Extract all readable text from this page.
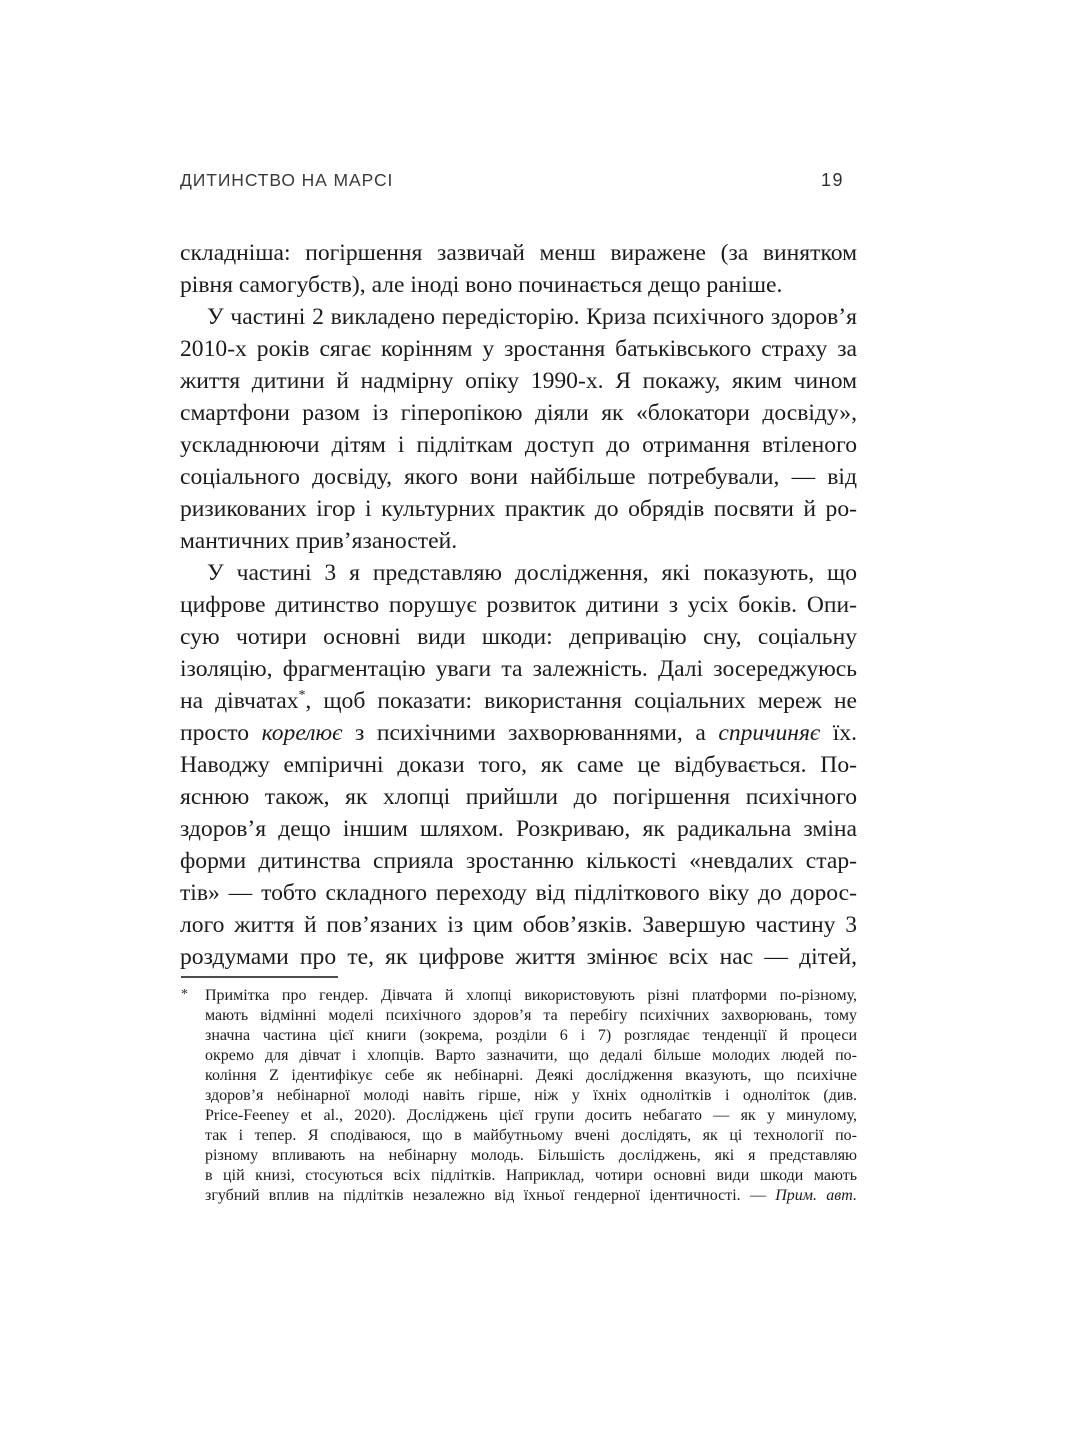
ДИТИНСТВО НА МАРСІ	19
складніша: погіршення зазвичай менш виражене (за винятком
рівня самогубств), але іноді воно починається дещо раніше.
У частині 2 викладено передісторію. Криза психічного здоров’я
2010-х років сягає корінням у зростання батьківського страху за
життя дитини й надмірну опіку 1990-х. Я покажу, яким чином
смартфони разом із гіперопікою діяли як «блокатори досвіду»,
ускладнюючи дітям і підліткам доступ до отримання втіленого
соціального досвіду, якого вони найбільше потребували, — від
ризикованих ігор і культурних практик до обрядів посвяти й ро-
мантичних прив’язаностей.
У частині 3 я представляю дослідження, які показують, що
цифрове дитинство порушує розвиток дитини з усіх боків. Опи-
сую чотири основні види шкоди: депривацію сну, соціальну
ізоляцію, фрагментацію уваги та залежність. Далі зосереджуюсь
на дівчатах*, щоб показати: використання соціальних мереж не
просто корелює з психічними захворюваннями, а спричиняє їх.
Наводжу емпіричні докази того, як саме це відбувається. По-
яснюю також, як хлопці прийшли до погіршення психічного
здоров’я дещо іншим шляхом. Розкриваю, як радикальна зміна
форми дитинства сприяла зростанню кількості «невдалих стар-
тів» — тобто складного переходу від підліткового віку до дорос-
лого життя й пов’язаних із цим обов’язків. Завершую частину 3
роздумами про те, як цифрове життя змінює всіх нас — дітей,
* Примітка про гендер. Дівчата й хлопці використовують різні платформи по-різному,
мають відмінні моделі психічного здоров’я та перебігу психічних захворювань, тому
значна частина цієї книги (зокрема, розділи 6 і 7) розглядає тенденції й процеси
окремо для дівчат і хлопців. Варто зазначити, що дедалі більше молодих людей по-
коління Z ідентифікує себе як небінарні. Деякі дослідження вказують, що психічне
здоров’я небінарної молоді навіть гірше, ніж у їхніх однолітків і одноліток (див.
Price-Feeney et al., 2020). Досліджень цієї групи досить небагато — як у минулому,
так і тепер. Я сподіваюся, що в майбутньому вчені дослідять, як ці технології по-
різному впливають на небінарну молодь. Більшість досліджень, які я представляю
в цій книзі, стосуються всіх підлітків. Наприклад, чотири основні види шкоди мають
згубний вплив на підлітків незалежно від їхньої гендерної ідентичності. — Прим. авт.
